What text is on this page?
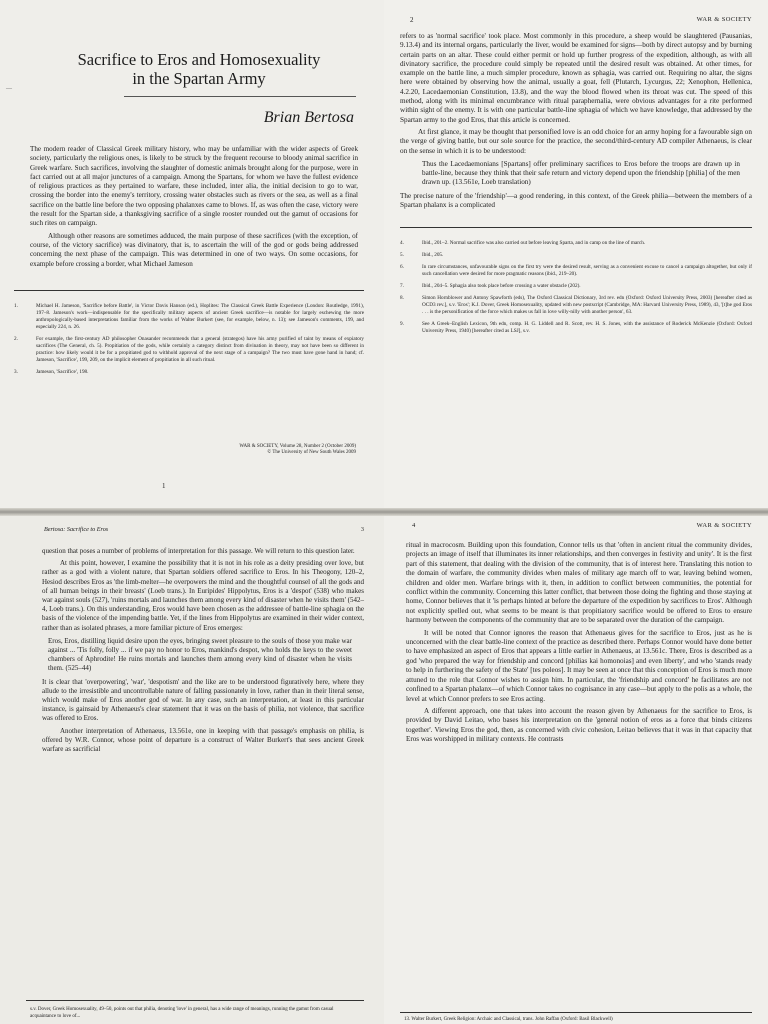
—
Sacrifice to Eros and Homosexuality
in the Spartan Army
Brian Bertosa

The modern reader of Classical Greek military history, who may be unfamiliar with the wider aspects of Greek society, particularly the religious ones, is likely to be struck by the frequent recourse to bloody animal sacrifice in Greek warfare. Such sacrifices, involving the slaughter of domestic animals brought along for the purpose, were in fact carried out at all major junctures of a campaign. Among the Spartans, for whom we have the fullest evidence of religious practices as they pertained to warfare, these included, inter alia, the initial decision to go to war, crossing the border into the enemy's territory, crossing water obstacles such as rivers or the sea, as well as a final sacrifice on the battle line before the two opposing phalanxes came to blows. If, as was often the case, victory were the result for the Spartan side, a thanksgiving sacrifice of a single rooster rounded out the gamut of occasions for such rites on campaign.

Although other reasons are sometimes adduced, the main purpose of these sacrifices (with the exception, of course, of the victory sacrifice) was divinatory, that is, to ascertain the will of the god or gods being addressed concerning the next phase of the campaign. This was determined in one of two ways. On some occasions, for example before crossing a border, what Michael Jameson

1.	Michael H. Jameson, 'Sacrifice before Battle', in Victor Davis Hanson (ed.), Hoplites: The Classical Greek Battle Experience (London: Routledge, 1991), 197–8. Jameson's work—indispensable for the specifically military aspects of ancient Greek sacrifice—is notable for largely eschewing the more anthropologically-based interpretations familiar from the works of Walter Burkert (see, for example, below, n. 13); see Jameson's comments, 199, and especially 224, n. 26.
2.	For example, the first-century AD philosopher Onasander recommends that a general (strategos) have his army purified of taint by means of expiatory sacrifices (The General, ch. 5). Propitiation of the gods, while certainly a category distinct from divination in theory, may not have been so different in practice: how likely would it be for a propitiated god to withhold approval of the next stage of a campaign? The two must have gone hand in hand; cf. Jameson, 'Sacrifice', 199, 209, on the implicit element of propitiation in all such ritual.
3.	Jameson, 'Sacrifice', 198.
WAR & SOCIETY, Volume 28, Number 2 (October 2009)
© The University of New South Wales 2009
1
2	WAR & SOCIETY

refers to as 'normal sacrifice' took place. Most commonly in this procedure, a sheep would be slaughtered (Pausanias, 9.13.4) and its internal organs, particularly the liver, would be examined for signs—both by direct autopsy and by burning certain parts on an altar. These could either permit or hold up further progress of the expedition, although, as with all divinatory sacrifice, the procedure could simply be repeated until the desired result was obtained. At other times, for example on the battle line, a much simpler procedure, known as sphagia, was carried out. Requiring no altar, the signs here were obtained by observing how the animal, usually a goat, fell (Plutarch, Lycurgus, 22; Xenophon, Hellenica, 4.2.20, Lacedaemonian Constitution, 13.8), and the way the blood flowed when its throat was cut. The speed of this method, along with its minimal encumbrance with ritual paraphernalia, were obvious advantages for a rite performed within sight of the enemy. It is with one particular battle-line sphagia of which we have knowledge, that addressed by the Spartan army to the god Eros, that this article is concerned.

At first glance, it may be thought that personified love is an odd choice for an army hoping for a favourable sign on the verge of giving battle, but our sole source for the practice, the second/third-century AD compiler Athenaeus, is clear on the sense in which it is to be understood:

Thus the Lacedaemonians [Spartans] offer preliminary sacrifices to Eros before the troops are drawn up in battle-line, because they think that their safe return and victory depend upon the friendship [philia] of the men drawn up. (13.561e, Loeb translation)

The precise nature of the 'friendship'—a good rendering, in this context, of the Greek philia—between the members of a Spartan phalanx is a complicated

4.	Ibid., 201–2. Normal sacrifice was also carried out before leaving Sparta, and in camp on the line of march.
5.	Ibid., 205.
6.	In rare circumstances, unfavourable signs on the first try were the desired result, serving as a convenient excuse to cancel a campaign altogether, but only if such cancellation were desired for more pragmatic reasons (ibid., 219–20).
7.	Ibid., 204–5. Sphagia also took place before crossing a water obstacle (202).
8.	Simon Hornblower and Antony Spawforth (eds), The Oxford Classical Dictionary, 3rd rev. edn (Oxford: Oxford University Press, 2003) [hereafter cited as OCD3 rev.], s.v. 'Eros'; K.J. Dover, Greek Homosexuality, updated with new postscript (Cambridge, MA: Harvard University Press, 1989), 43, '[t]he god Eros . . . is the personification of the force which makes us fall in love willy-nilly with another person', 63.
9.	See A Greek–English Lexicon, 9th edn, comp. H. G. Liddell and R. Scott, rev. H. S. Jones, with the assistance of Roderick McKenzie (Oxford: Oxford University Press, 1940) [hereafter cited as LSJ], s.v.
Bertosa: Sacrifice to Eros	3

question that poses a number of problems of interpretation for this passage. We will return to this question later.

At this point, however, I examine the possibility that it is not in his role as a deity presiding over love, but rather as a god with a violent nature, that Spartan soldiers offered sacrifice to Eros. In his Theogony, 120–2, Hesiod describes Eros as 'the limb-melter—he overpowers the mind and the thoughtful counsel of all the gods and of all human beings in their breasts' (Loeb trans.). In Euripides' Hippolytus, Eros is a 'despot' (538) who makes war against souls (527), 'ruins mortals and launches them among every kind of disaster when he visits them' (542–4, Loeb trans.). On this understanding, Eros would have been chosen as the addressee of battle-line sphagia on the basis of the violence of the impending battle. Yet, if the lines from Hippolytus are examined in their wider context, rather than as isolated phrases, a more familiar picture of Eros emerges:

Eros, Eros, distilling liquid desire upon the eyes, bringing sweet pleasure to the souls of those you make war against ... 'Tis folly, folly ... if we pay no honor to Eros, mankind's despot, who holds the keys to the sweet chambers of Aphrodite! He ruins mortals and launches them among every kind of disaster when he visits them. (525–44)

It is clear that 'overpowering', 'war', 'despotism' and the like are to be understood figuratively here, where they allude to the irresistible and uncontrollable nature of falling passionately in love, rather than in their literal sense, which would make of Eros another god of war. In any case, such an interpretation, at least in this particular instance, is gainsaid by Athenaeus's clear statement that it was on the basis of philia, not violence, that sacrifice was offered to Eros.

Another interpretation of Athenaeus, 13.561e, one in keeping with that passage's emphasis on philia, is offered by W.R. Connor, whose point of departure is a construct of Walter Burkert's that sees ancient Greek warfare as sacrificial

s.v. Dover, Greek Homosexuality, 49–50, points out that philia, denoting 'love' in general, has a wide range of meanings, running the gamut from casual acquaintance to love of...
4	WAR & SOCIETY

ritual in macrocosm. Building upon this foundation, Connor tells us that 'often in ancient ritual the community divides, projects an image of itself that illuminates its inner relationships, and then converges in festivity and unity'. It is the first part of this statement, that dealing with the division of the community, that is of interest here. Translating this notion to the domain of warfare, the community divides when males of military age march off to war, leaving behind women, children and older men. Warfare brings with it, then, in addition to conflict between communities, the potential for conflict within the community. Concerning this latter conflict, that between those doing the fighting and those staying at home, Connor believes that it 'is perhaps hinted at before the departure of the expedition by sacrifices to Eros'. Although not explicitly spelled out, what seems to be meant is that propitiatory sacrifice would be offered to Eros to ensure harmony between the components of the community that are to be separated over the duration of the campaign.

It will be noted that Connor ignores the reason that Athenaeus gives for the sacrifice to Eros, just as he is unconcerned with the clear battle-line context of the practice as described there. Perhaps Connor would have done better to have emphasized an aspect of Eros that appears a little earlier in Athenaeus, at 13.561c. There, Eros is described as a god 'who prepared the way for friendship and concord [philias kai homonoias] and even liberty', and who 'stands ready to help in furthering the safety of the State' [tes poleos]. It may be seen at once that this conception of Eros is much more attuned to the role that Connor wishes to assign him. In particular, the 'friendship and concord' he facilitates are not confined to a Spartan phalanx—of which Connor takes no cognisance in any case—but apply to the polis as a whole, the level at which Connor prefers to see Eros acting.

A different approach, one that takes into account the reason given by Athenaeus for the sacrifice to Eros, is provided by David Leitao, who bases his interpretation on the 'general notion of eros as a force that binds citizens together'. Viewing Eros the god, then, as concerned with civic cohesion, Leitao believes that it was in that capacity that Eros was worshipped in military contexts. He contrasts

13. Walter Burkert, Greek Religion: Archaic and Classical, trans. John Raffan (Oxford: Basil Blackwell)
